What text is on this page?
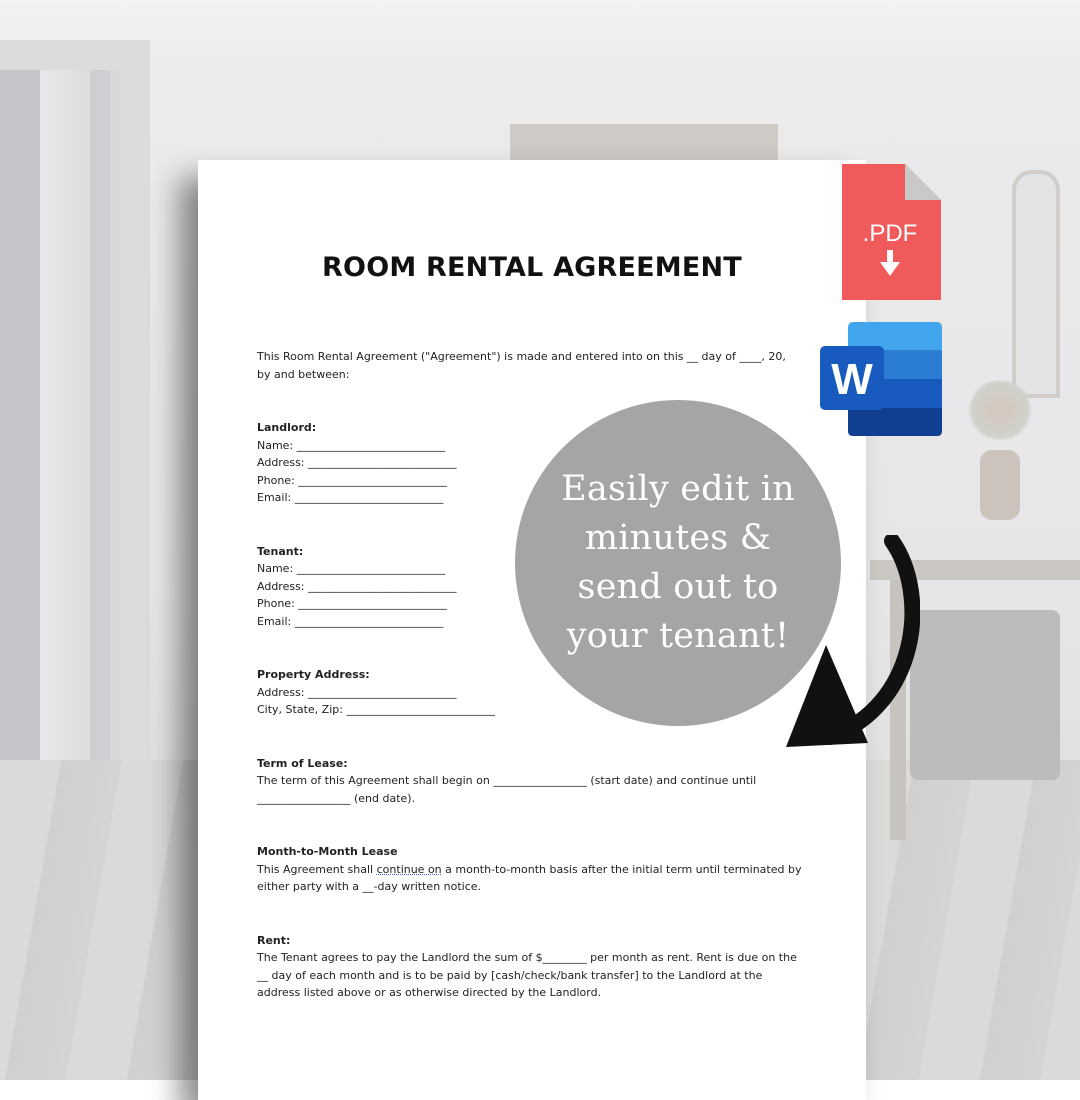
ROOM RENTAL AGREEMENT

This Room Rental Agreement ("Agreement") is made and entered into on this __ day of ____, 20, by and between:

Landlord:

Name: ___________________________

Address: ___________________________

Phone: ___________________________

Email: ___________________________

Tenant:

Name: ___________________________

Address: ___________________________

Phone: ___________________________

Email: ___________________________

Property Address:

Address: ___________________________

City, State, Zip: ___________________________

Term of Lease:

The term of this Agreement shall begin on _________________ (start date) and continue until _________________ (end date).

Month-to-Month Lease

This Agreement shall continue on a month-to-month basis after the initial term until terminated by either party with a __-day written notice.

Rent:

The Tenant agrees to pay the Landlord the sum of $________ per month as rent. Rent is due on the __ day of each month and is to be paid by [cash/check/bank transfer] to the Landlord at the address listed above or as otherwise directed by the Landlord.

.PDF
W
Easily edit in minutes & send out to your tenant!
